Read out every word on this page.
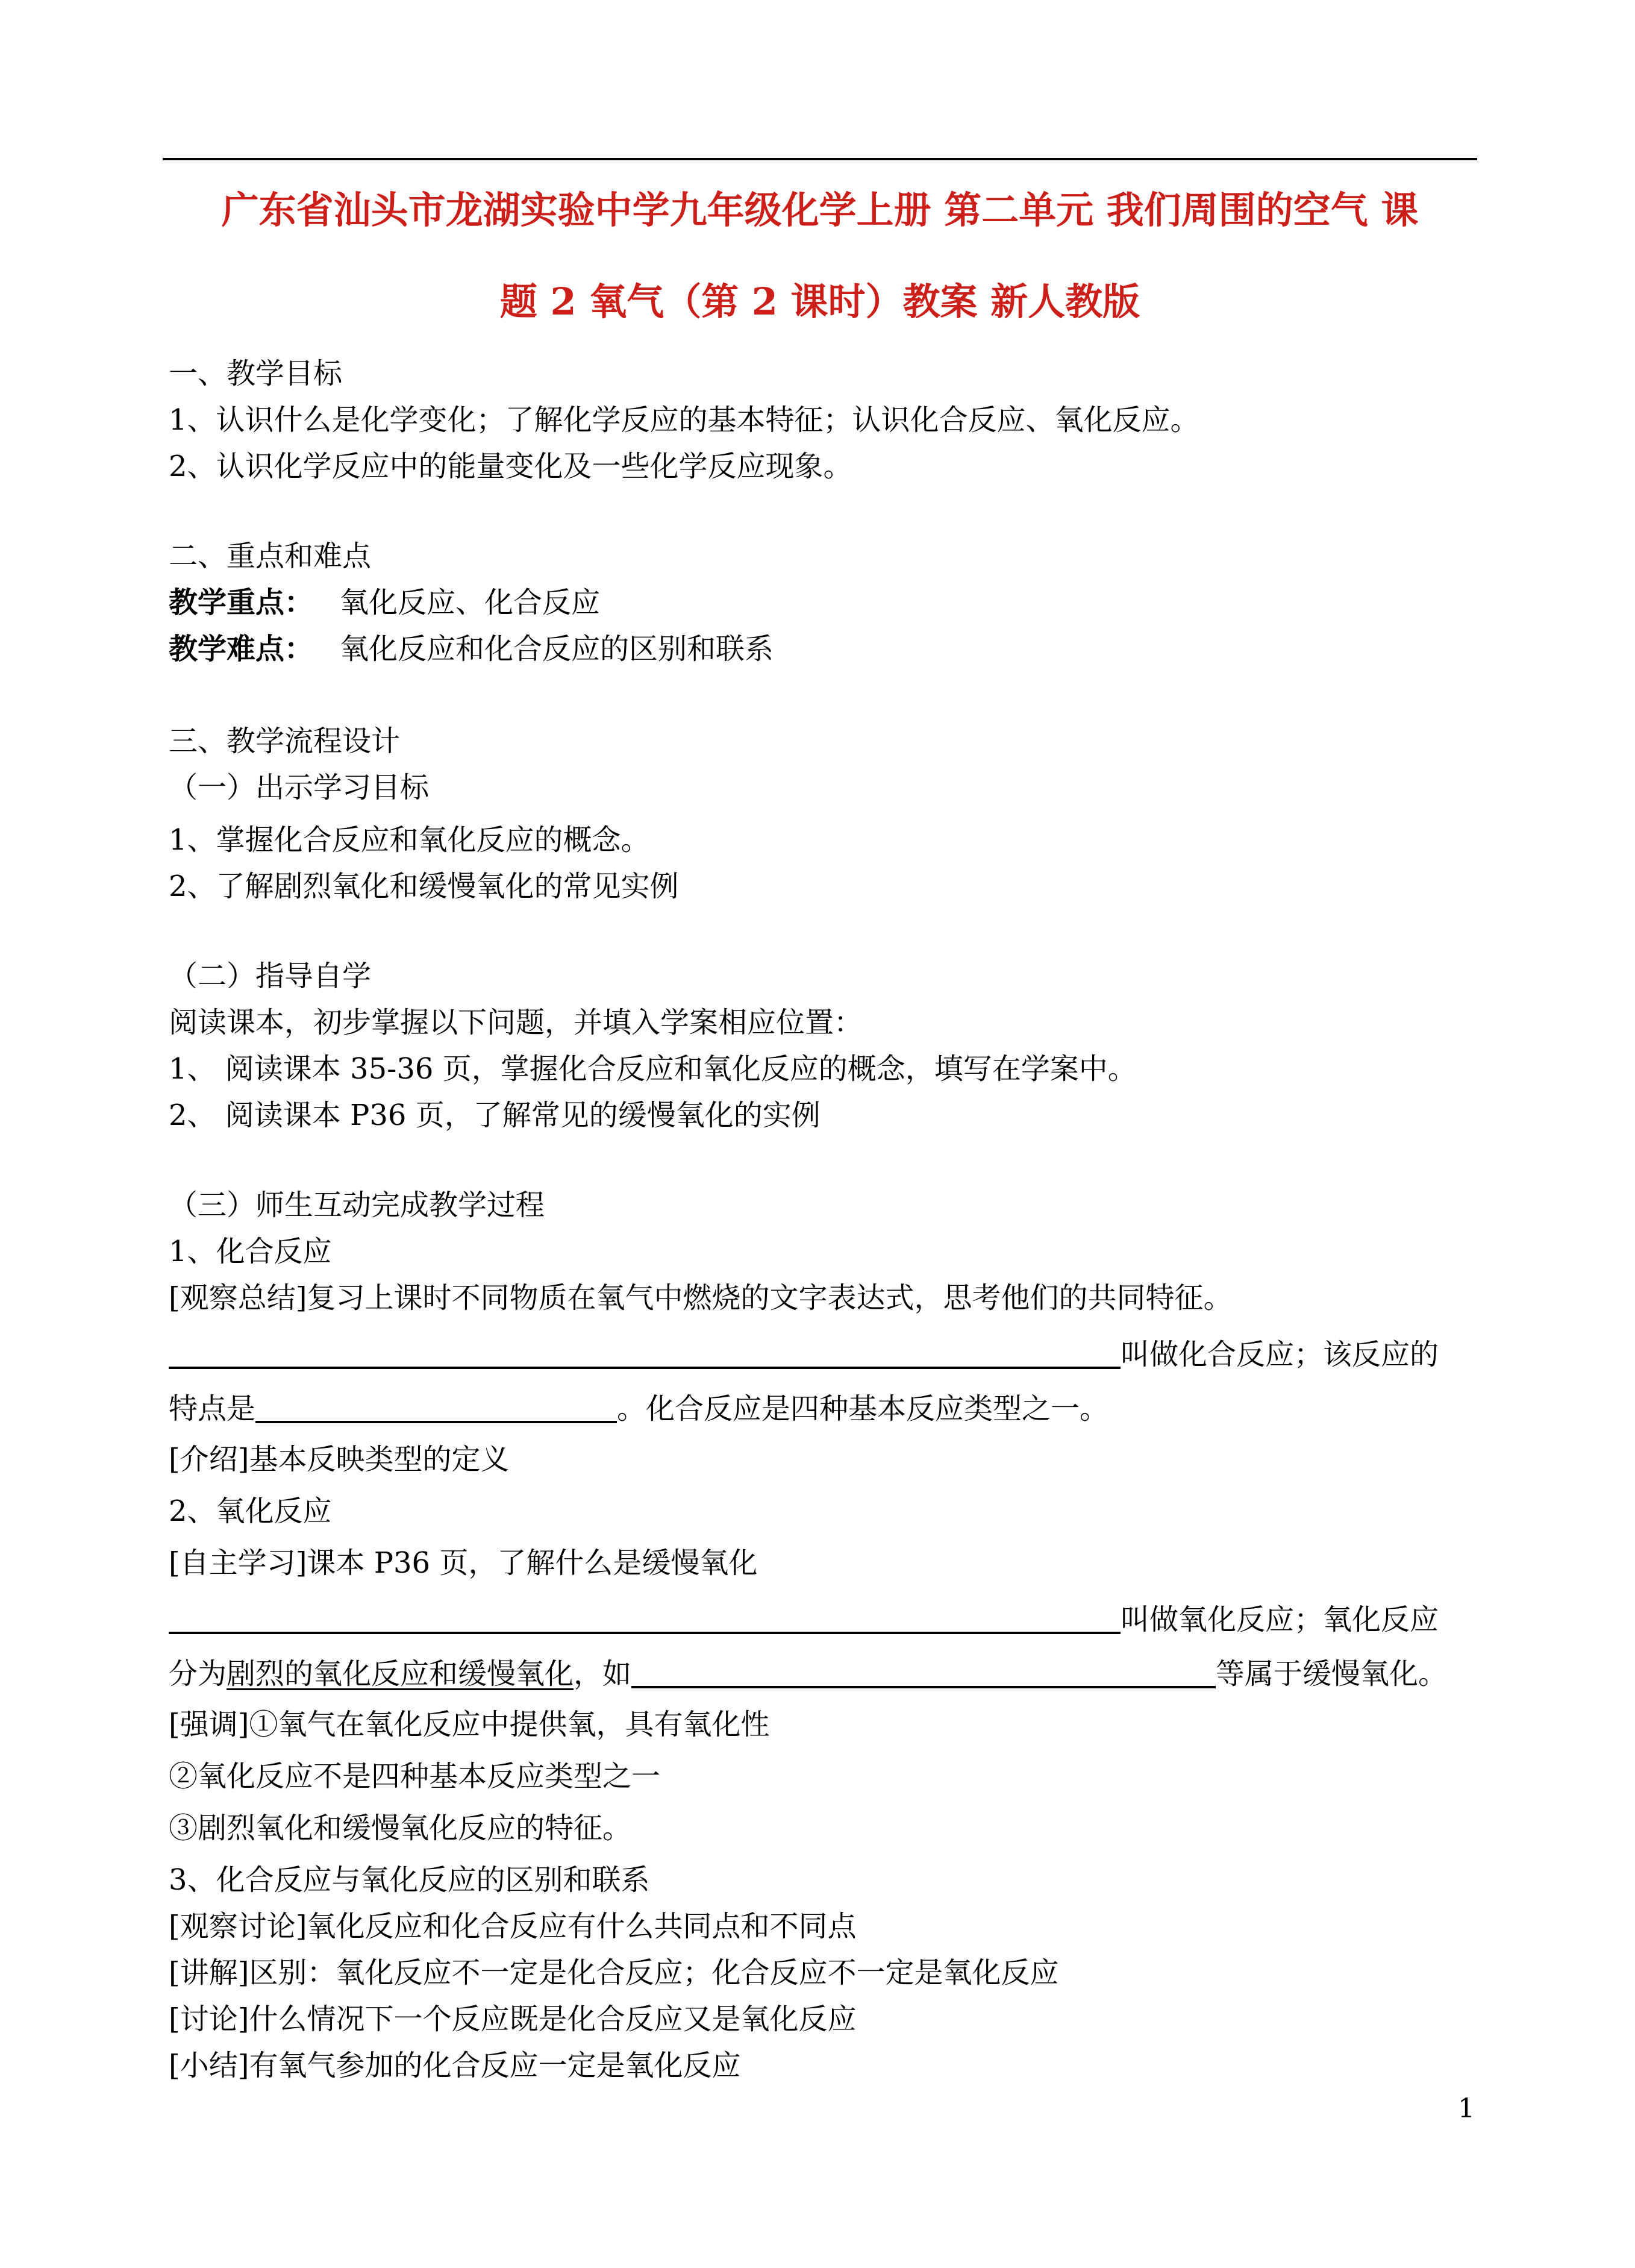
广东省汕头市龙湖实验中学九年级化学上册 第二单元 我们周围的空气 课
题 2 氧气（第 2 课时）教案 新人教版
一、教学目标
1、认识什么是化学变化；了解化学反应的基本特征；认识化合反应、氧化反应。
2、认识化学反应中的能量变化及一些化学反应现象。
二、重点和难点
教学重点： 氧化反应、化合反应
教学难点： 氧化反应和化合反应的区别和联系
三、教学流程设计
（一）出示学习目标
1、掌握化合反应和氧化反应的概念。
2、了解剧烈氧化和缓慢氧化的常见实例
（二）指导自学
阅读课本，初步掌握以下问题，并填入学案相应位置：
1、 阅读课本 35-36 页，掌握化合反应和氧化反应的概念，填写在学案中。
2、 阅读课本 P36 页，了解常见的缓慢氧化的实例
（三）师生互动完成教学过程
1、化合反应
[观察总结]复习上课时不同物质在氧气中燃烧的文字表达式，思考他们的共同特征。
叫做化合反应；该反应的
特点是	。化合反应是四种基本反应类型之一。
[介绍]基本反映类型的定义
2、氧化反应
[自主学习]课本 P36 页，了解什么是缓慢氧化
叫做氧化反应；氧化反应
分为剧烈的氧化反应和缓慢氧化，如	等属于缓慢氧化。
[强调]①氧气在氧化反应中提供氧，具有氧化性
②氧化反应不是四种基本反应类型之一
③剧烈氧化和缓慢氧化反应的特征。
3、化合反应与氧化反应的区别和联系
[观察讨论]氧化反应和化合反应有什么共同点和不同点
[讲解]区别：氧化反应不一定是化合反应；化合反应不一定是氧化反应
[讨论]什么情况下一个反应既是化合反应又是氧化反应
[小结]有氧气参加的化合反应一定是氧化反应
1
